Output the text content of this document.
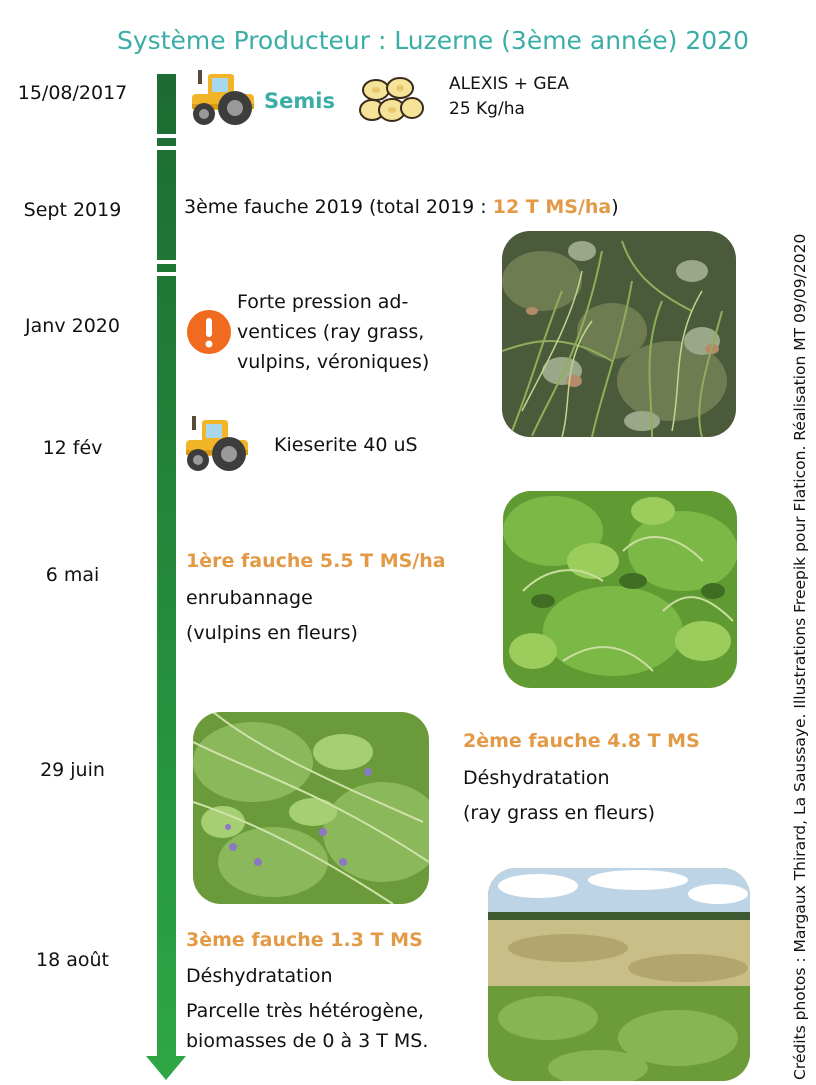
Système Producteur : Luzerne (3ème année) 2020
15/08/2017
Sept 2019
Janv 2020
12 fév
6 mai
29 juin
18 août
Semis
ALEXIS + GEA
25 Kg/ha
3ème fauche 2019 (total 2019 : 12 T MS/ha)
Forte pression ad-
ventices (ray grass,
vulpins, véroniques)
Kieserite 40 uS
1ère fauche 5.5 T MS/ha
enrubannage
(vulpins en fleurs)
2ème fauche 4.8 T MS
Déshydratation
(ray grass en fleurs)
3ème fauche 1.3 T MS
Déshydratation
Parcelle très hétérogène,
biomasses de 0 à 3 T MS.	Crédits photos : Margaux Thirard, La Saussaye. Illustrations Freepik pour Flaticon. Réalisation MT 09/09/2020
